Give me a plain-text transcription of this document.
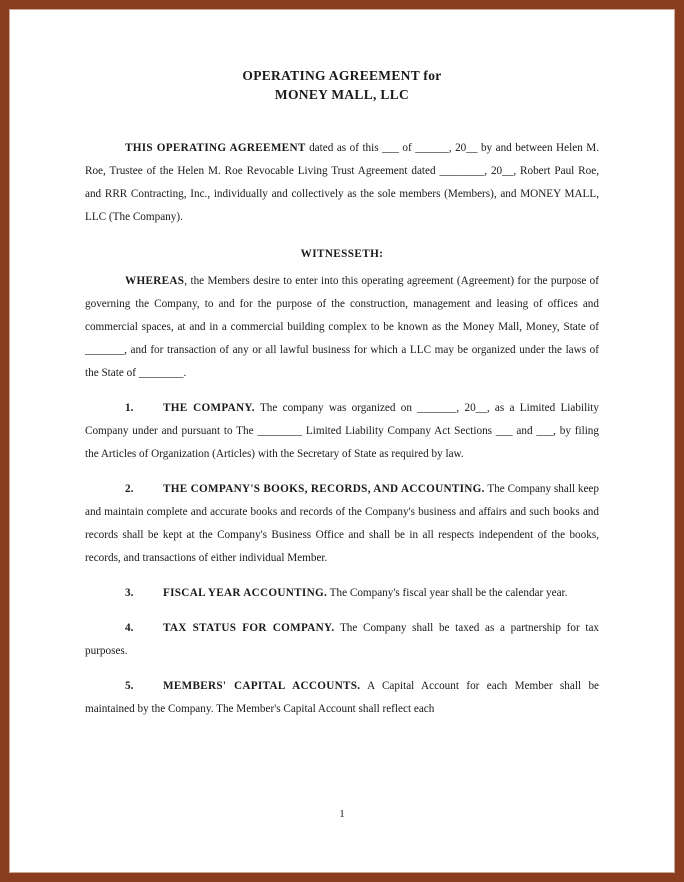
OPERATING AGREEMENT for
MONEY MALL, LLC

THIS OPERATING AGREEMENT dated as of this ___ of ______, 20__ by and between Helen M. Roe, Trustee of the Helen M. Roe Revocable Living Trust Agreement dated ________, 20__, Robert Paul Roe, and RRR Contracting, Inc., individually and collectively as the sole members (Members), and MONEY MALL, LLC (The Company).

WITNESSETH:

WHEREAS, the Members desire to enter into this operating agreement (Agreement) for the purpose of governing the Company, to and for the purpose of the construction, management and leasing of offices and commercial spaces, at and in a commercial building complex to be known as the Money Mall, Money, State of _______, and for transaction of any or all lawful business for which a LLC may be organized under the laws of the State of ________.

1.	THE COMPANY. The company was organized on _______, 20__, as a Limited Liability Company under and pursuant to The ________ Limited Liability Company Act Sections ___ and ___, by filing the Articles of Organization (Articles) with the Secretary of State as required by law.

2.	THE COMPANY'S BOOKS, RECORDS, AND ACCOUNTING. The Company shall keep and maintain complete and accurate books and records of the Company's business and affairs and such books and records shall be kept at the Company's Business Office and shall be in all respects independent of the books, records, and transactions of either individual Member.

3.	FISCAL YEAR ACCOUNTING. The Company's fiscal year shall be the calendar year.

4.	TAX STATUS FOR COMPANY. The Company shall be taxed as a partnership for tax purposes.

5.	MEMBERS' CAPITAL ACCOUNTS. A Capital Account for each Member shall be maintained by the Company. The Member's Capital Account shall reflect each

1
